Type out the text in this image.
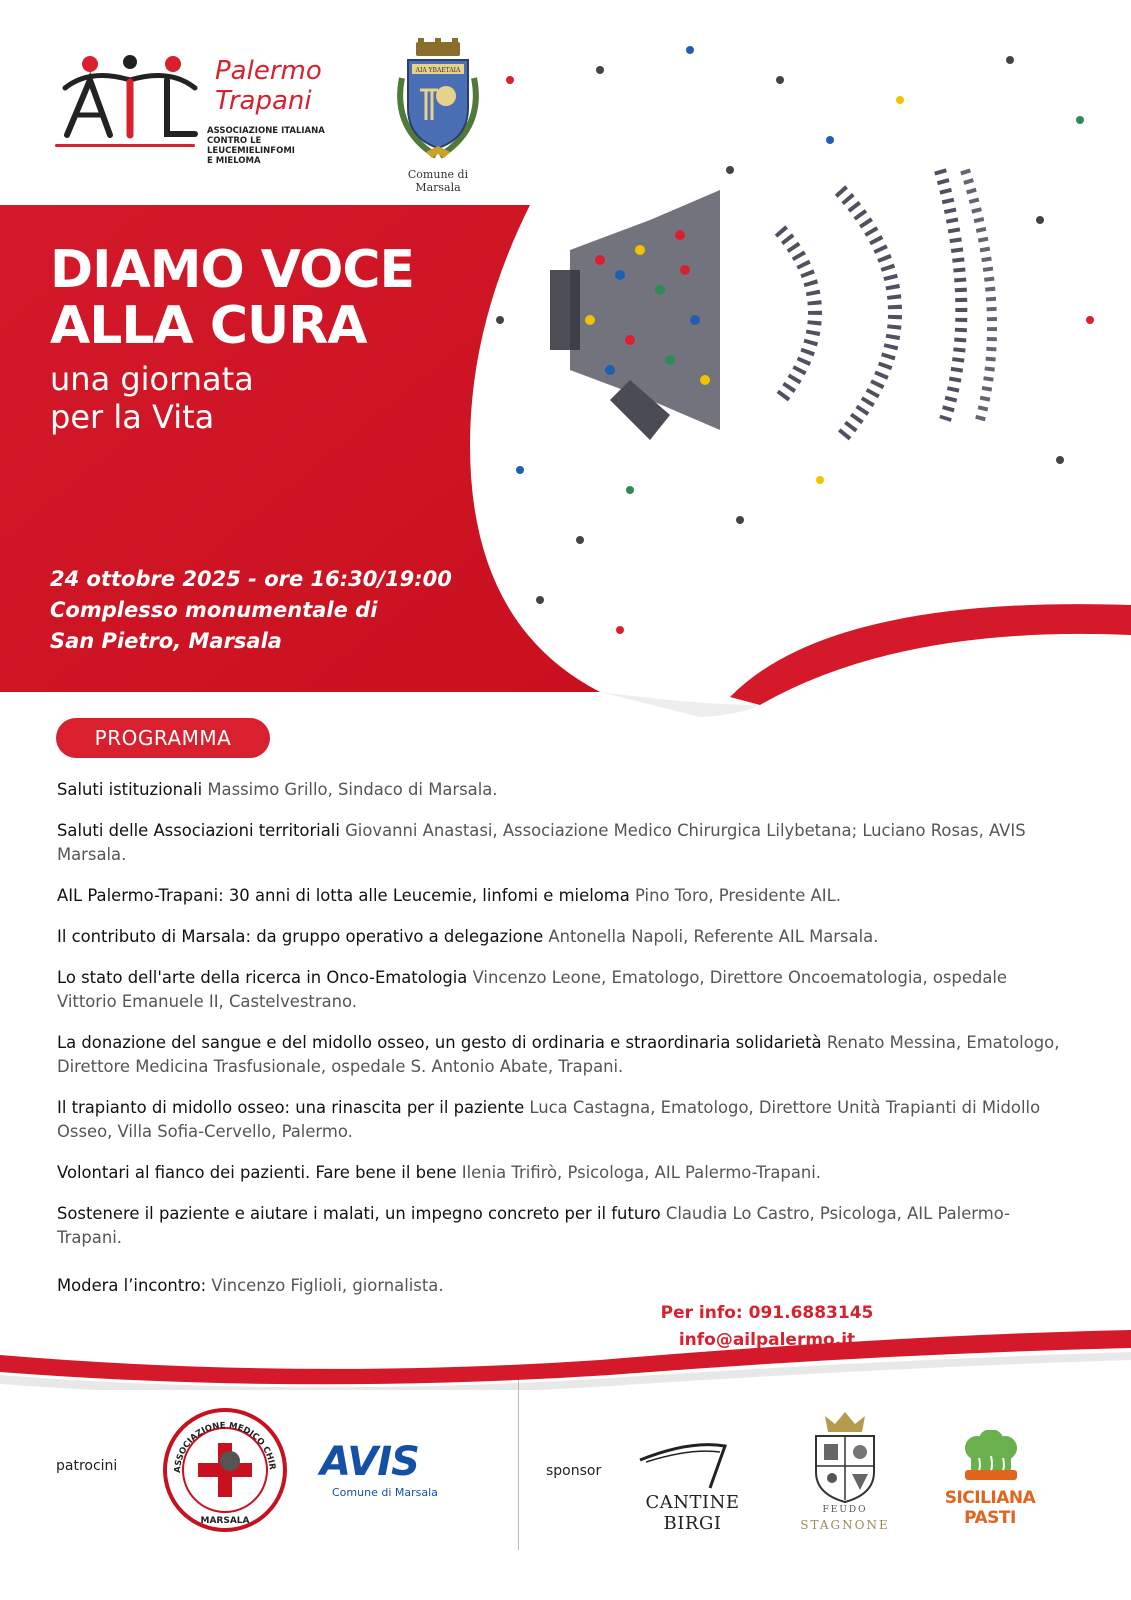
Palermo
Trapani
ASSOCIAZIONE ITALIANA
CONTRO LE LEUCEMIELINFOMI
E MIELOMA
AIA YBAETAIA
Comune di Marsala
DIAMO VOCE
ALLA CURA
una giornata
per la Vita
24 ottobre 2025 - ore 16:30/19:00
Complesso monumentale di
San Pietro, Marsala
PROGRAMMA
Saluti istituzionali Massimo Grillo, Sindaco di Marsala.
Saluti delle Associazioni territoriali Giovanni Anastasi, Associazione Medico Chirurgica Lilybetana; Luciano Rosas, AVIS Marsala.
AIL Palermo-Trapani: 30 anni di lotta alle Leucemie, linfomi e mieloma Pino Toro, Presidente AIL.
Il contributo di Marsala: da gruppo operativo a delegazione Antonella Napoli, Referente AIL Marsala.
Lo stato dell'arte della ricerca in Onco-Ematologia Vincenzo Leone, Ematologo, Direttore Oncoematologia, ospedale Vittorio Emanuele II, Castelvestrano.
La donazione del sangue e del midollo osseo, un gesto di ordinaria e straordinaria solidarietà Renato Messina, Ematologo, Direttore Medicina Trasfusionale, ospedale S. Antonio Abate, Trapani.
Il trapianto di midollo osseo: una rinascita per il paziente Luca Castagna, Ematologo, Direttore Unità Trapianti di Midollo Osseo, Villa Sofia-Cervello, Palermo.
Volontari al fianco dei pazienti. Fare bene il bene Ilenia Trifirò, Psicologa, AIL Palermo-Trapani.
Sostenere il paziente e aiutare i malati, un impegno concreto per il futuro Claudia Lo Castro, Psicologa, AIL Palermo-Trapani.
Modera l’incontro: Vincenzo Figlioli, giornalista.
Per info: 091.6883145
info@ailpalermo.it
patrocini	ASSOCIAZIONE MEDICO CHIR
MARSALA
AVIS
Comune di Marsala
sponsor
CANTINE BIRGI
FEUDO
STAGNONE
SICILIANA PASTI
